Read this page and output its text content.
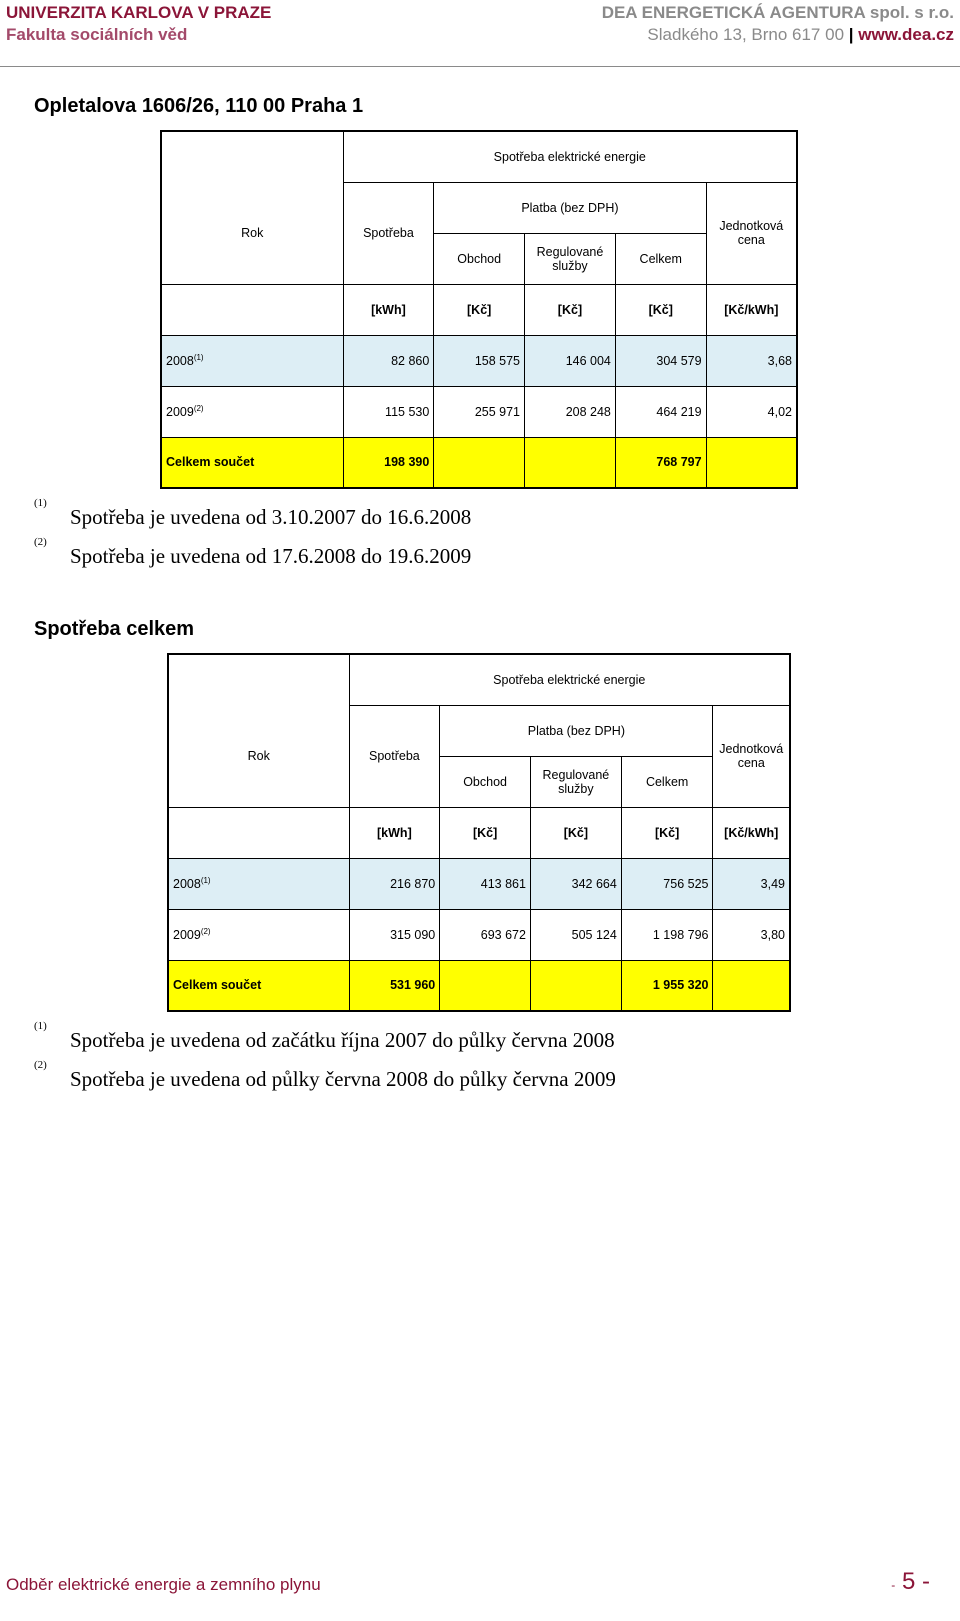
UNIVERZITA KARLOVA V PRAZE
Fakulta sociálních věd
DEA ENERGETICKÁ AGENTURA spol. s r.o.
Sladkého 13, Brno 617 00 | www.dea.cz
Opletalova 1606/26, 110 00 Praha 1
	Spotřeba elektrické energie				
Rok	Spotřeba	Platba (bez DPH)			Jednotková cena
		Obchod	Regulované služby	Celkem	
	[kWh]	[Kč]	[Kč]	[Kč]	[Kč/kWh]
2008$^{(1)}$	82 860	158 575	146 004	304 579	3,68
2009$^{(2)}$	115 530	255 971	208 248	464 219	4,02
Celkem součet	198 390			768 797	
(1)
Spotřeba je uvedena od 3.10.2007 do 16.6.2008
(2)
Spotřeba je uvedena od 17.6.2008 do 19.6.2009
Spotřeba celkem
	Spotřeba elektrické energie				
Rok	Spotřeba	Platba (bez DPH)			Jednotková cena
		Obchod	Regulované služby	Celkem	
	[kWh]	[Kč]	[Kč]	[Kč]	[Kč/kWh]
2008$^{(1)}$	216 870	413 861	342 664	756 525	3,49
2009$^{(2)}$	315 090	693 672	505 124	1 198 796	3,80
Celkem součet	531 960			1 955 320	
(1)
Spotřeba je uvedena od začátku října 2007 do půlky června 2008
(2)
Spotřeba je uvedena od půlky června 2008 do půlky června 2009
Odběr elektrické energie a zemního plynu	- 5 -
